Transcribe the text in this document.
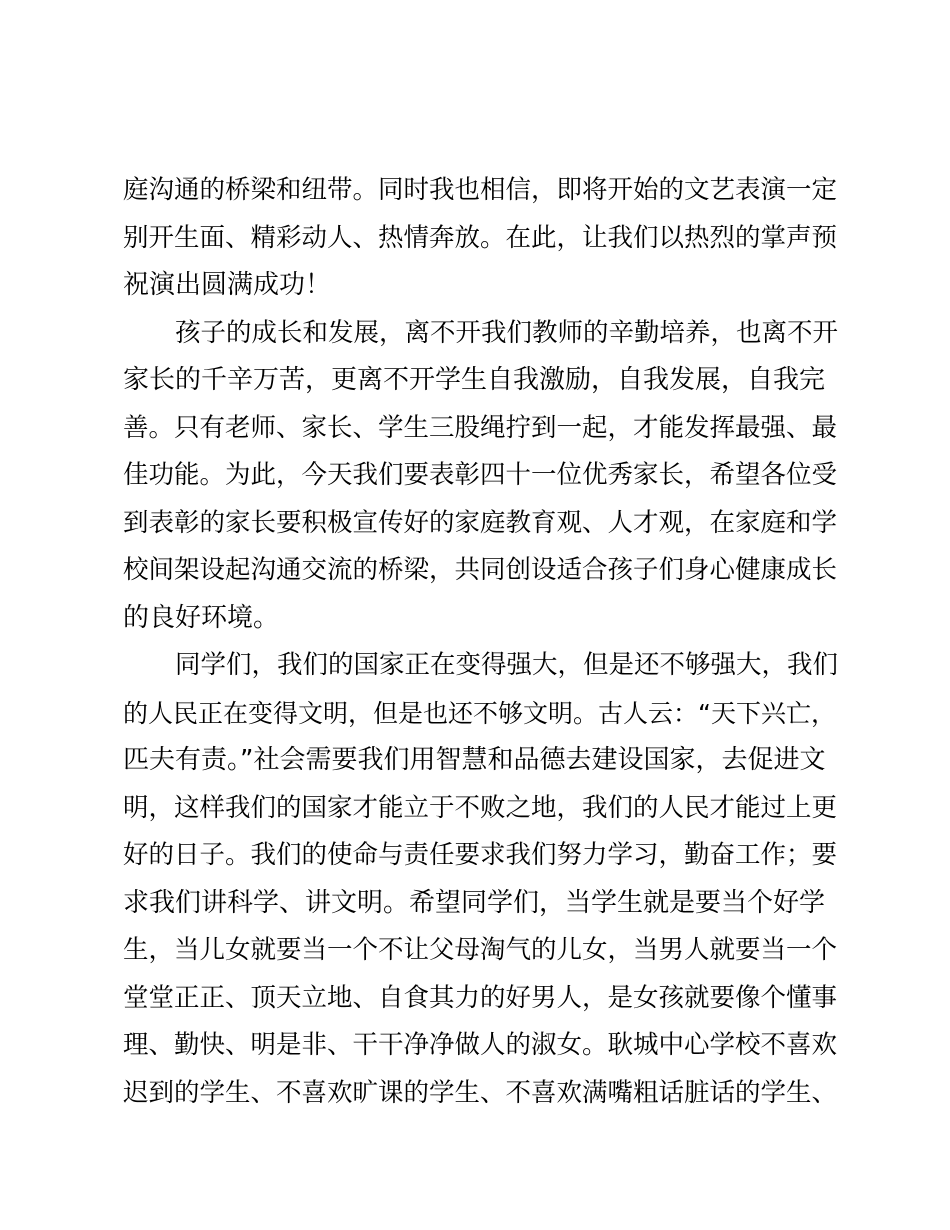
庭沟通的桥梁和纽带。同时我也相信，即将开始的文艺表演一定
别开生面、精彩动人、热情奔放。在此，让我们以热烈的掌声预
祝演出圆满成功！
孩子的成长和发展，离不开我们教师的辛勤培养，也离不开
家长的千辛万苦，更离不开学生自我激励，自我发展，自我完
善。只有老师、家长、学生三股绳拧到一起，才能发挥最强、最
佳功能。为此，今天我们要表彰四十一位优秀家长，希望各位受
到表彰的家长要积极宣传好的家庭教育观、人才观，在家庭和学
校间架设起沟通交流的桥梁，共同创设适合孩子们身心健康成长
的良好环境。
同学们，我们的国家正在变得强大，但是还不够强大，我们
的人民正在变得文明，但是也还不够文明。古人云：“天下兴亡，
匹夫有责。”社会需要我们用智慧和品德去建设国家，去促进文
明，这样我们的国家才能立于不败之地，我们的人民才能过上更
好的日子。我们的使命与责任要求我们努力学习，勤奋工作；要
求我们讲科学、讲文明。希望同学们，当学生就是要当个好学
生，当儿女就要当一个不让父母淘气的儿女，当男人就要当一个
堂堂正正、顶天立地、自食其力的好男人，是女孩就要像个懂事
理、勤快、明是非、干干净净做人的淑女。耿城中心学校不喜欢
迟到的学生、不喜欢旷课的学生、不喜欢满嘴粗话脏话的学生、
